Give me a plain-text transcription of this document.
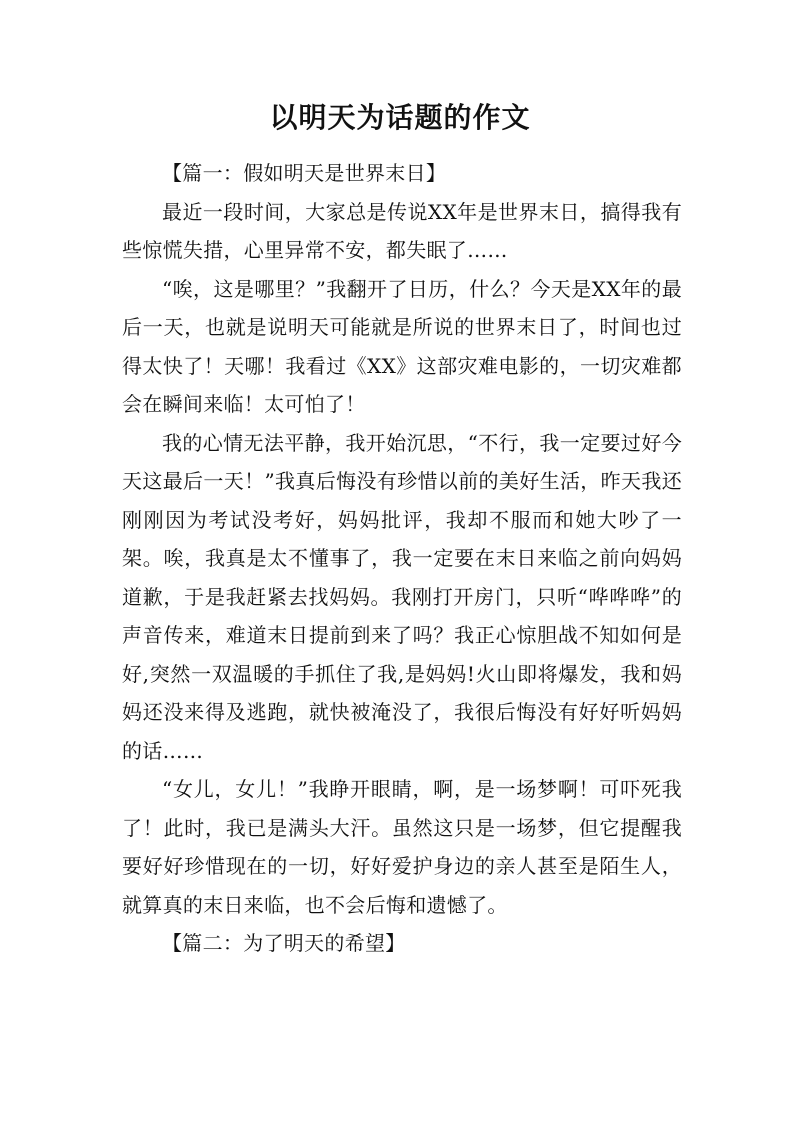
以明天为话题的作文

【篇一：假如明天是世界末日】

最近一段时间，大家总是传说XX年是世界末日，搞得我有些惊慌失措，心里异常不安，都失眠了……

“唉，这是哪里？”我翻开了日历，什么？今天是XX年的最后一天，也就是说明天可能就是所说的世界末日了，时间也过得太快了！天哪！我看过《XX》这部灾难电影的，一切灾难都会在瞬间来临！太可怕了！

我的心情无法平静，我开始沉思，“不行，我一定要过好今天这最后一天！”我真后悔没有珍惜以前的美好生活，昨天我还刚刚因为考试没考好，妈妈批评，我却不服而和她大吵了一架。唉，我真是太不懂事了，我一定要在末日来临之前向妈妈道歉，于是我赶紧去找妈妈。我刚打开房门，只听“哗哗哗”的声音传来，难道末日提前到来了吗？我正心惊胆战不知如何是好,突然一双温暖的手抓住了我,是妈妈!火山即将爆发，我和妈妈还没来得及逃跑，就快被淹没了，我很后悔没有好好听妈妈的话……

“女儿，女儿！”我睁开眼睛，啊，是一场梦啊！可吓死我了！此时，我已是满头大汗。虽然这只是一场梦，但它提醒我要好好珍惜现在的一切，好好爱护身边的亲人甚至是陌生人，就算真的末日来临，也不会后悔和遗憾了。

【篇二：为了明天的希望】
